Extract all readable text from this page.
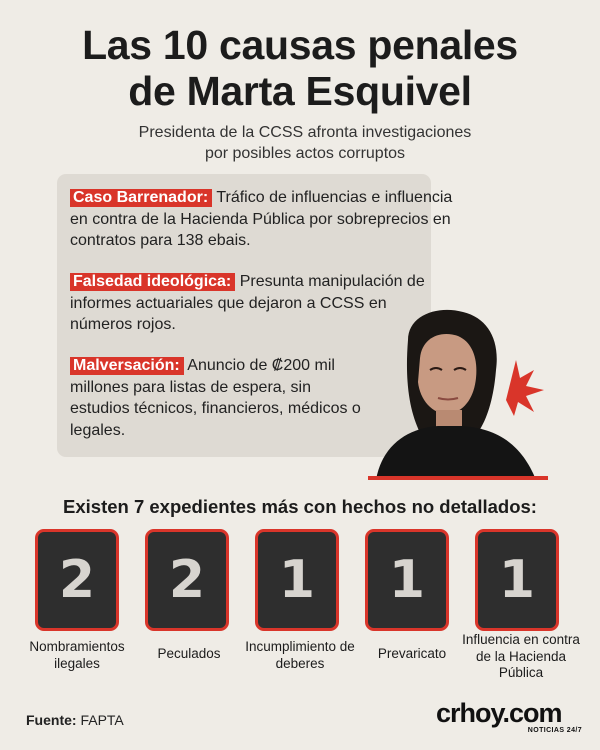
Las 10 causas penales
de Marta Esquivel
Presidenta de la CCSS afronta investigaciones
por posibles actos corruptos
Caso Barrenador: Tráfico de influencias e influencia en contra de la Hacienda Pública por sobreprecios en contratos para 138 ebais.
Falsedad ideológica: Presunta manipulación de informes actuariales que dejaron a CCSS en números rojos.
Malversación: Anuncio de ₡200 mil millones para listas de espera, sin estudios técnicos, financieros, médicos o legales.
Existen 7 expedientes más con hechos no detallados:
2 2 1 1 1
Nombramientos ilegales
Peculados	Incumplimiento de deberes
Prevaricato
Influencia en contra de la Hacienda Pública
Fuente: FAPTA	crhoy.com
NOTICIAS 24/7
